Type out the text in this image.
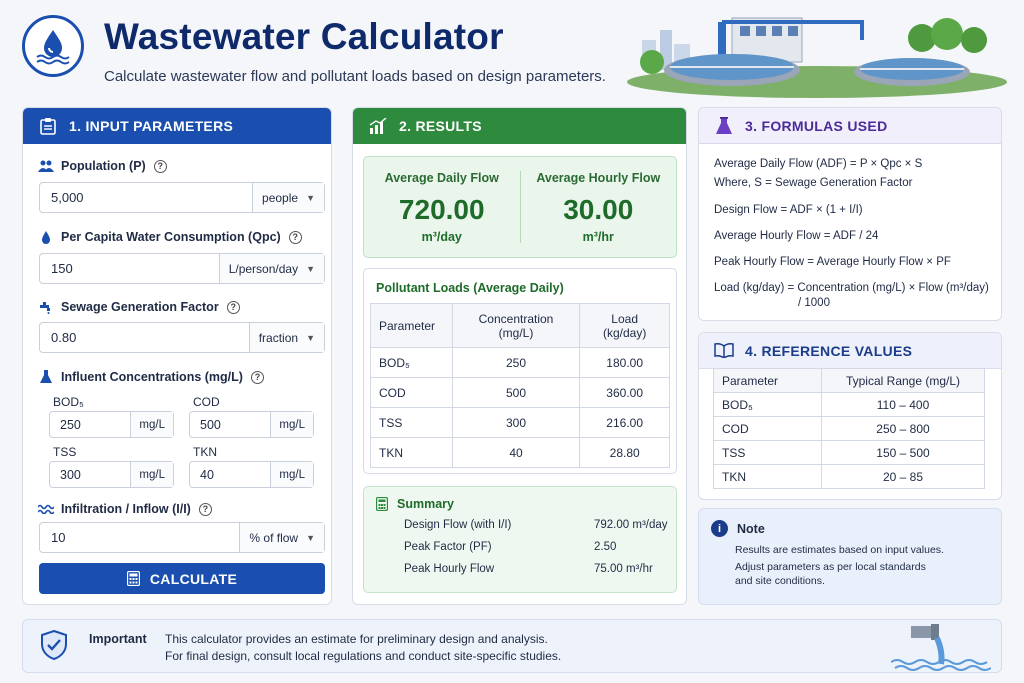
Wastewater Calculator
Calculate wastewater flow and pollutant loads based on design parameters.
1. INPUT PARAMETERS
Population (P)	?
5,000	people ▼
Per Capita Water Consumption (Qpc)	?
150	L/person/day ▼
Sewage Generation Factor	?
0.80	fraction ▼
Influent Concentrations (mg/L)	?
BOD₅
250	mg/L
COD
500	mg/L
TSS
300	mg/L
TKN
40	mg/L
Infiltration / Inflow (I/I)	?
10	% of flow ▼
CALCULATE
2. RESULTS
Average Daily Flow
720.00
m³/day
Average Hourly Flow
30.00
m³/hr
Pollutant Loads (Average Daily)
Parameter	Concentration (mg/L)	Load (kg/day)
BOD₅	250	180.00
COD	500	360.00
TSS	300	216.00
TKN	40	28.80
Summary
Design Flow (with I/I)	792.00 m³/day
Peak Factor (PF)	2.50
Peak Hourly Flow	75.00 m³/hr
3. FORMULAS USED
Average Daily Flow (ADF) = P × Qpc × S
Where, S = Sewage Generation Factor
Design Flow = ADF × (1 + I/I)
Average Hourly Flow = ADF / 24
Peak Hourly Flow = Average Hourly Flow × PF
Load (kg/day) = Concentration (mg/L) × Flow (m³/day)
/ 1000
4. REFERENCE VALUES
Parameter	Typical Range (mg/L)
BOD₅	110 – 400
COD	250 – 800
TSS	150 – 500
TKN	20 – 85
i	Note
Results are estimates based on input values.
Adjust parameters as per local standards
and site conditions.
Important This calculator provides an estimate for preliminary design and analysis.
For final design, consult local regulations and conduct site-specific studies.
